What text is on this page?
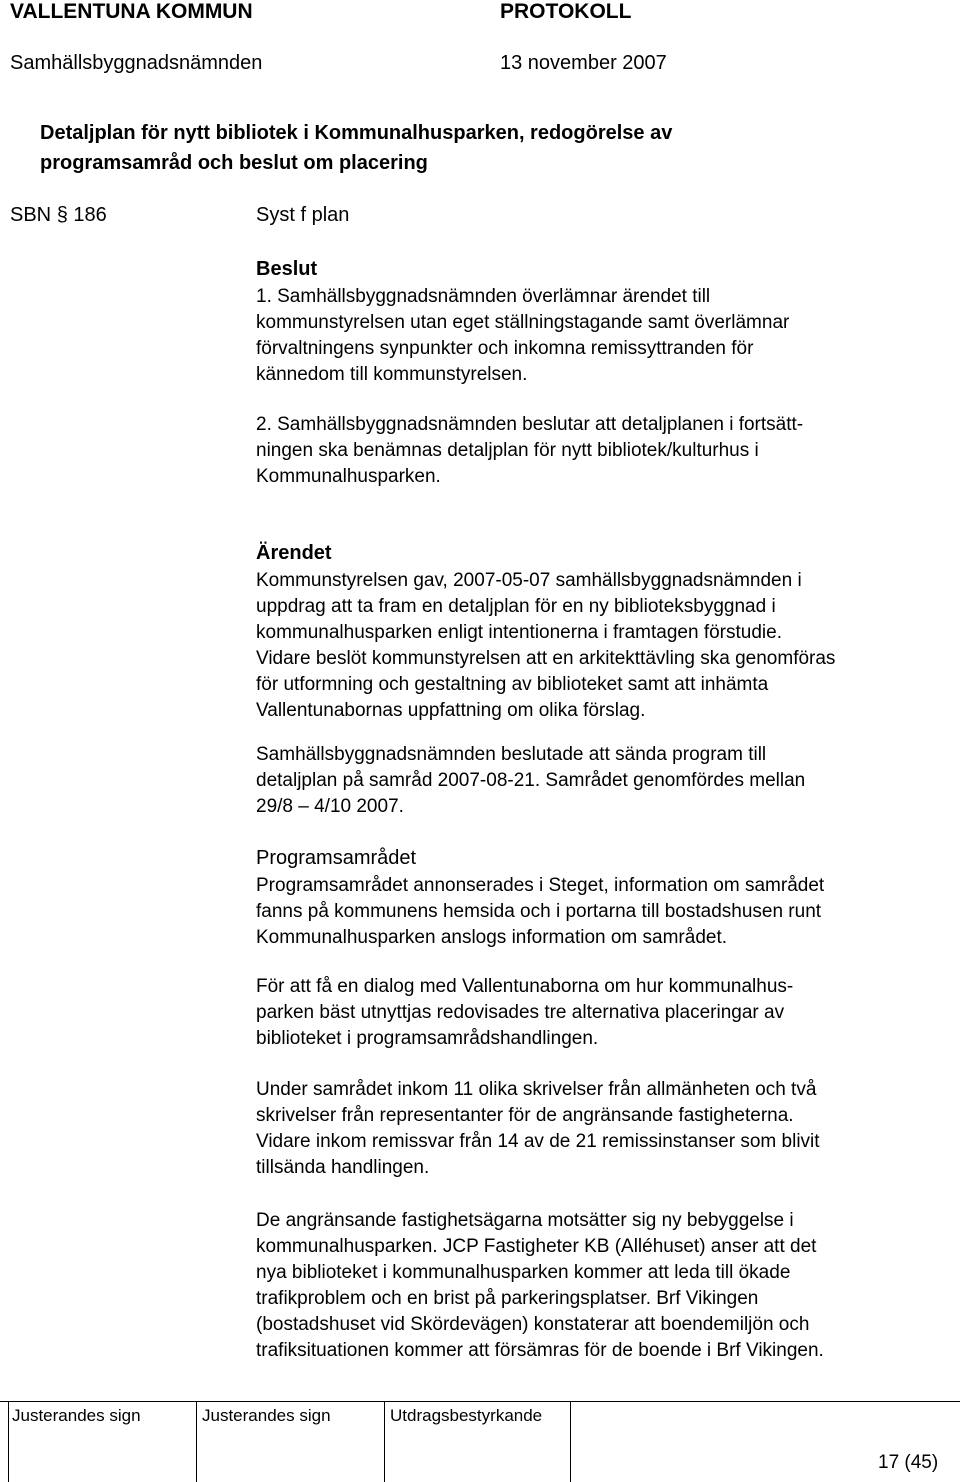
VALLENTUNA KOMMUN	PROTOKOLL
Samhällsbyggnadsnämnden	13 november 2007
Detaljplan för nytt bibliotek i Kommunalhusparken, redogörelse av
programsamråd och beslut om placering
SBN § 186	Syst f plan
Beslut
1. Samhällsbyggnadsnämnden överlämnar ärendet till
kommunstyrelsen utan eget ställningstagande samt överlämnar
förvaltningens synpunkter och inkomna remissyttranden för
kännedom till kommunstyrelsen.
2. Samhällsbyggnadsnämnden beslutar att detaljplanen i fortsätt-
ningen ska benämnas detaljplan för nytt bibliotek/kulturhus i
Kommunalhusparken.
Ärendet
Kommunstyrelsen gav, 2007-05-07 samhällsbyggnadsnämnden i
uppdrag att ta fram en detaljplan för en ny biblioteksbyggnad i
kommunalhusparken enligt intentionerna i framtagen förstudie.
Vidare beslöt kommunstyrelsen att en arkitekttävling ska genomföras
för utformning och gestaltning av biblioteket samt att inhämta
Vallentunabornas uppfattning om olika förslag.
Samhällsbyggnadsnämnden beslutade att sända program till
detaljplan på samråd 2007-08-21. Samrådet genomfördes mellan
29/8 – 4/10 2007.
Programsamrådet
Programsamrådet annonserades i Steget, information om samrådet
fanns på kommunens hemsida och i portarna till bostadshusen runt
Kommunalhusparken anslogs information om samrådet.
För att få en dialog med Vallentunaborna om hur kommunalhus-
parken bäst utnyttjas redovisades tre alternativa placeringar av
biblioteket i programsamrådshandlingen.
Under samrådet inkom 11 olika skrivelser från allmänheten och två
skrivelser från representanter för de angränsande fastigheterna.
Vidare inkom remissvar från 14 av de 21 remissinstanser som blivit
tillsända handlingen.
De angränsande fastighetsägarna motsätter sig ny bebyggelse i
kommunalhusparken. JCP Fastigheter KB (Alléhuset) anser att det
nya biblioteket i kommunalhusparken kommer att leda till ökade
trafikproblem och en brist på parkeringsplatser. Brf Vikingen
(bostadshuset vid Skördevägen) konstaterar att boendemiljön och
trafiksituationen kommer att försämras för de boende i Brf Vikingen.
Justerandes sign	Justerandes sign	Utdragsbestyrkande
17 (45)
